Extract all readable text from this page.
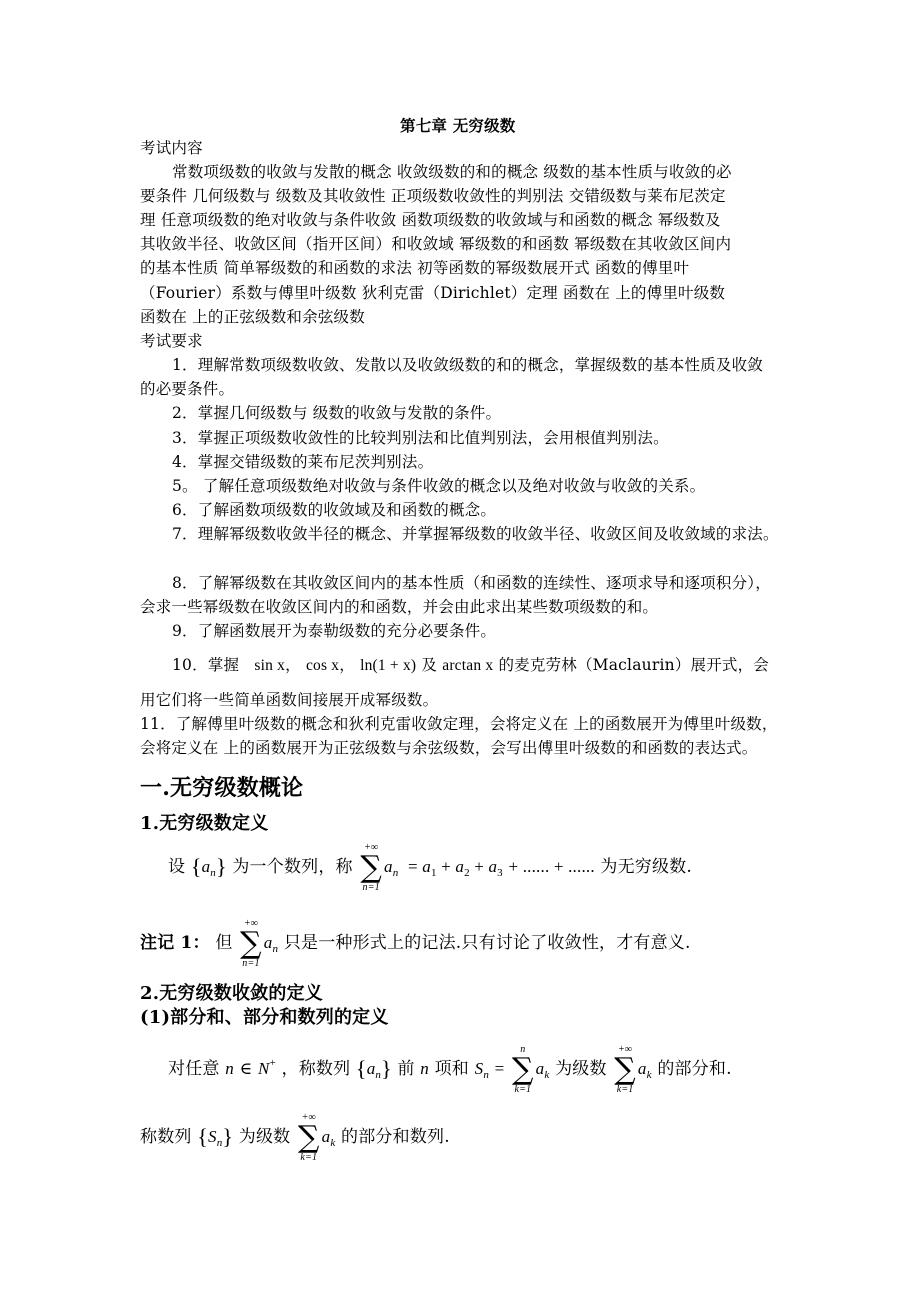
第七章 无穷级数
考试内容
常数项级数的收敛与发散的概念 收敛级数的和的概念 级数的基本性质与收敛的必
要条件 几何级数与 级数及其收敛性 正项级数收敛性的判别法 交错级数与莱布尼茨定
理 任意项级数的绝对收敛与条件收敛 函数项级数的收敛域与和函数的概念 幂级数及
其收敛半径、收敛区间（指开区间）和收敛域 幂级数的和函数 幂级数在其收敛区间内
的基本性质 简单幂级数的和函数的求法 初等函数的幂级数展开式 函数的傅里叶
（Fourier）系数与傅里叶级数 狄利克雷（Dirichlet）定理 函数在 上的傅里叶级数
函数在 上的正弦级数和余弦级数
考试要求
1．理解常数项级数收敛、发散以及收敛级数的和的概念，掌握级数的基本性质及收敛
的必要条件。
2．掌握几何级数与 级数的收敛与发散的条件。
3．掌握正项级数收敛性的比较判别法和比值判别法，会用根值判别法。
4．掌握交错级数的莱布尼茨判别法。
5。 了解任意项级数绝对收敛与条件收敛的概念以及绝对收敛与收敛的关系。
6．了解函数项级数的收敛域及和函数的概念。
7．理解幂级数收敛半径的概念、并掌握幂级数的收敛半径、收敛区间及收敛域的求法。
8．了解幂级数在其收敛区间内的基本性质（和函数的连续性、逐项求导和逐项积分），
会求一些幂级数在收敛区间内的和函数，并会由此求出某些数项级数的和。
9．了解函数展开为泰勒级数的充分必要条件。
10．掌握 sin x， cos x， ln(1 + x) 及 arctan x 的麦克劳林（Maclaurin）展开式，会
用它们将一些简单函数间接展开成幂级数。
11．了解傅里叶级数的概念和狄利克雷收敛定理，会将定义在 上的函数展开为傅里叶级数，
会将定义在 上的函数展开为正弦级数与余弦级数，会写出傅里叶级数的和函数的表达式。
一.无穷级数概论
1.无穷级数定义
设 $\{a_n\}$ 为一个数列，称
+∞
∑
n=1
$a_n = a_1 + a_2 + a_3$ + ...... + ...... 为无穷级数.
注记 1： 但
+∞
∑
n=1
$a_n$ 只是一种形式上的记法.只有讨论了收敛性，才有意义.
2.无穷级数收敛的定义
(1)部分和、部分和数列的定义
对任意 n ∈ N+ ，称数列 $\{a_n\}$ 前 n 项和 $S_n$ =
n
∑
k=1
$a_k$ 为级数
+∞
∑
k=1
$a_k$ 的部分和.
称数列 $\{S_n\}$ 为级数
+∞
∑
k=1
$a_k$ 的部分和数列.
